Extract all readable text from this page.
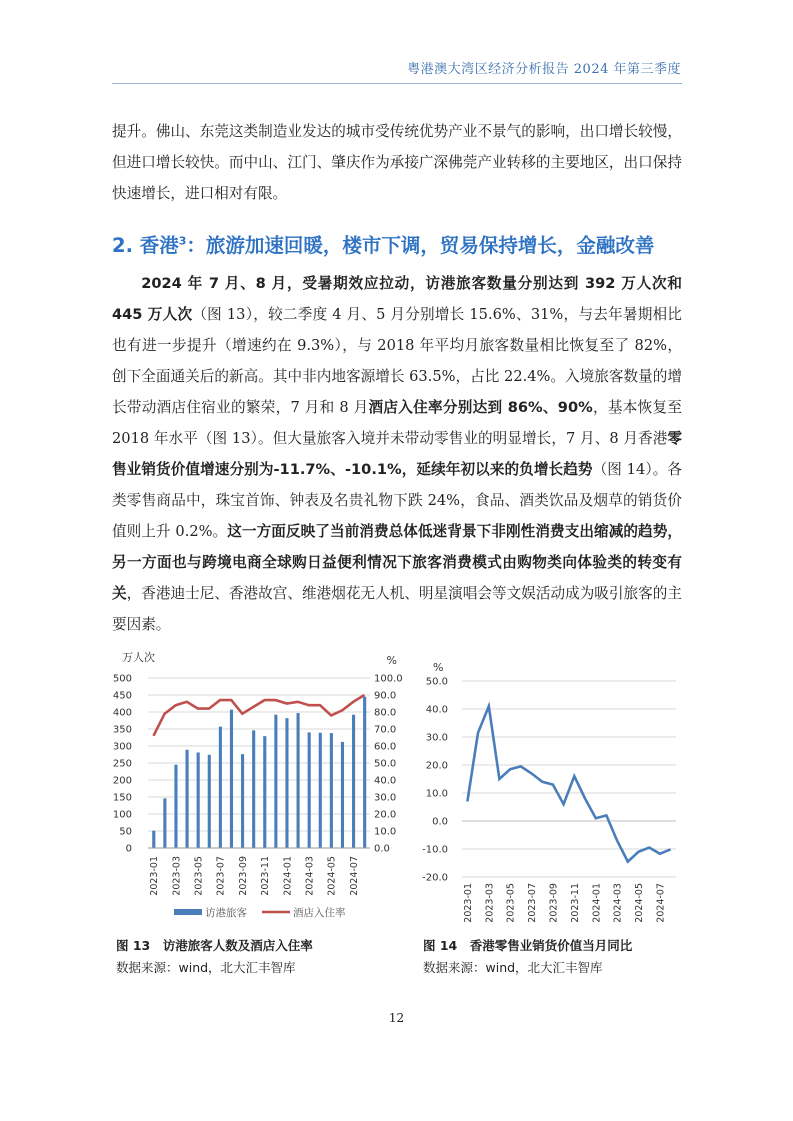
粤港澳大湾区经济分析报告 2024 年第三季度

提升。佛山、东莞这类制造业发达的城市受传统优势产业不景气的影响，出口增长较慢，但进口增长较快。而中山、江门、肇庆作为承接广深佛莞产业转移的主要地区，出口保持快速增长，进口相对有限。

2. 香港$^3$：旅游加速回暖，楼市下调，贸易保持增长，金融改善

2024 年 7 月、8 月，受暑期效应拉动，访港旅客数量分别达到 392 万人次和 445 万人次（图 13），较二季度 4 月、5 月分别增长 15.6%、31%，与去年暑期相比也有进一步提升（增速约在 9.3%），与 2018 年平均月旅客数量相比恢复至了 82%，创下全面通关后的新高。其中非内地客源增长 63.5%，占比 22.4%。入境旅客数量的增长带动酒店住宿业的繁荣，7 月和 8 月酒店入住率分别达到 86%、90%，基本恢复至 2018 年水平（图 13）。但大量旅客入境并未带动零售业的明显增长，7 月、8 月香港零售业销货价值增速分别为-11.7%、-10.1%，延续年初以来的负增长趋势（图 14）。各类零售商品中，珠宝首饰、钟表及名贵礼物下跌 24%，食品、酒类饮品及烟草的销货价值则上升 0.2%。这一方面反映了当前消费总体低迷背景下非刚性消费支出缩减的趋势，另一方面也与跨境电商全球购日益便利情况下旅客消费模式由购物类向体验类的转变有关，香港迪士尼、香港故宫、维港烟花无人机、明星演唱会等文娱活动成为吸引旅客的主要因素。

万人次	%
500
450
400
350
300
250
200
150
100
50
0
100.0
90.0
80.0
70.0
60.0
50.0
40.0
30.0
20.0
10.0
0.0
2023-01 2023-03 2023-05 2023-07 2023-09 2023-11 2024-01 2024-03 2024-05 2024-07
访港旅客	酒店入住率
%
50.0
40.0
30.0
20.0
10.0
0.0
-10.0
-20.0
2023-01 2023-03 2023-05 2023-07 2023-09 2023-11 2024-01 2024-03 2024-05 2024-07
图 13　访港旅客人数及酒店入住率
数据来源：wind，北大汇丰智库
图 14　香港零售业销货价值当月同比
数据来源：wind，北大汇丰智库
12
